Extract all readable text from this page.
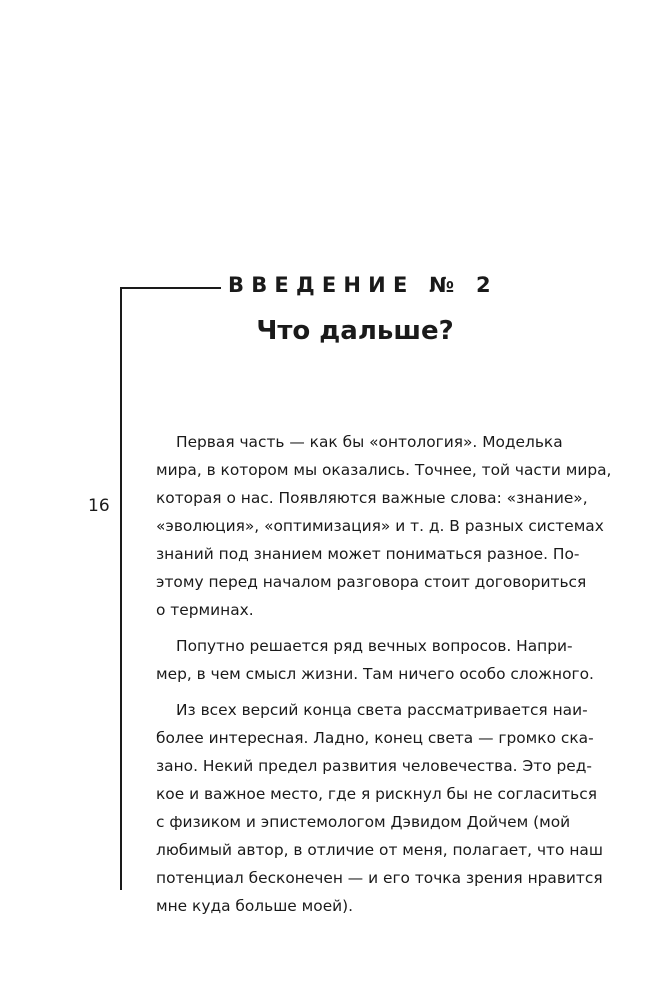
ВВЕДЕНИЕ № 2
Что дальше?
16

Первая часть — как бы «онтология». Моделька
мира, в котором мы оказались. Точнее, той части мира,
которая о нас. Появляются важные слова: «знание»,
«эволюция», «оптимизация» и т. д. В разных системах
знаний под знанием может пониматься разное. По-
этому перед началом разговора стоит договориться
о терминах.

Попутно решается ряд вечных вопросов. Напри-
мер, в чем смысл жизни. Там ничего особо сложного.

Из всех версий конца света рассматривается наи-
более интересная. Ладно, конец света — громко ска-
зано. Некий предел развития человечества. Это ред-
кое и важное место, где я рискнул бы не согласиться
с физиком и эпистемологом Дэвидом Дойчем (мой
любимый автор, в отличие от меня, полагает, что наш
потенциал бесконечен — и его точка зрения нравится
мне куда больше моей).
